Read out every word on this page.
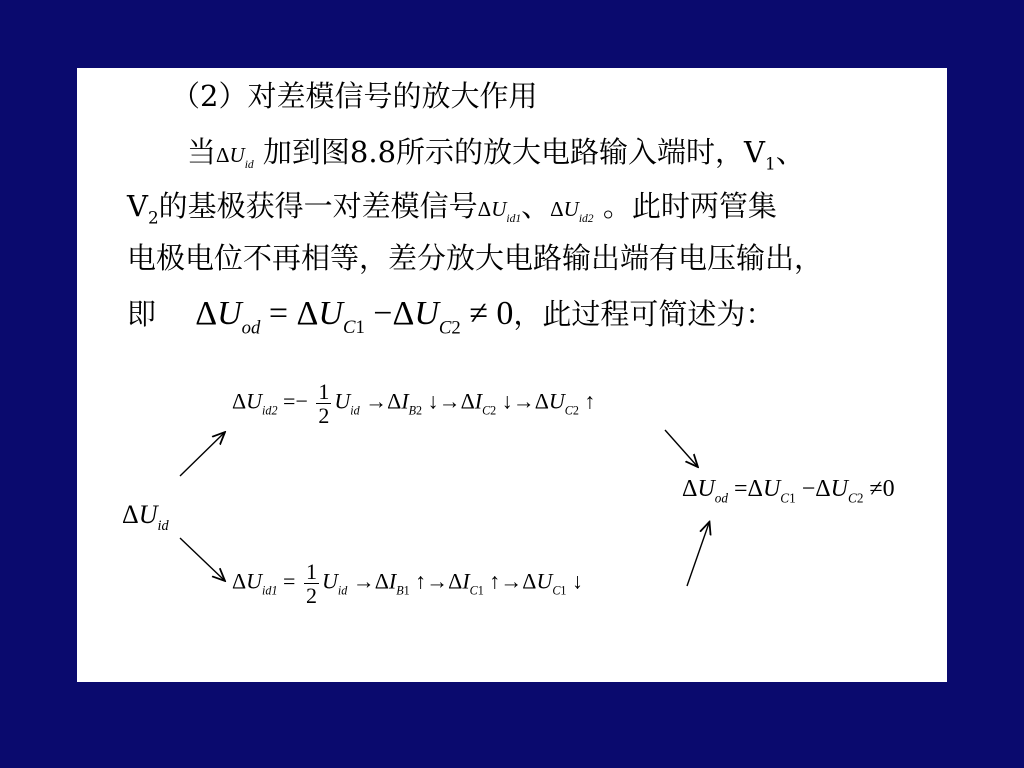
（2）对差模信号的放大作用
当$\Delta U_{id}$ 加到图8.8所示的放大电路输入端时，$V_1$、
$V_2$的基极获得一对差模信号$\Delta U_{id1}$、$\Delta U_{id2}$ 。此时两管集
电极电位不再相等，差分放大电路输出端有电压输出，
即 $\Delta U_{od} = \Delta U_{C1} -\Delta U_{C2} \ne 0$，此过程可简述为：
$\Delta U_{id2} =- \frac{1}{2} U_{id} \to\Delta I_{B2}$ $↓\to\Delta I_{C2}$ $↓\to\Delta U_{C2}$ ↑
$\Delta U_{id}$
$\Delta U_{id1} = \frac{1}{2} U_{id} \to\Delta I_{B1}$ $↑\to\Delta I_{C1}$ $↑\to\Delta U_{C1}$ ↓
$\Delta U_{od} =\Delta U_{C1} -\Delta U_{C2} \ne 0$
